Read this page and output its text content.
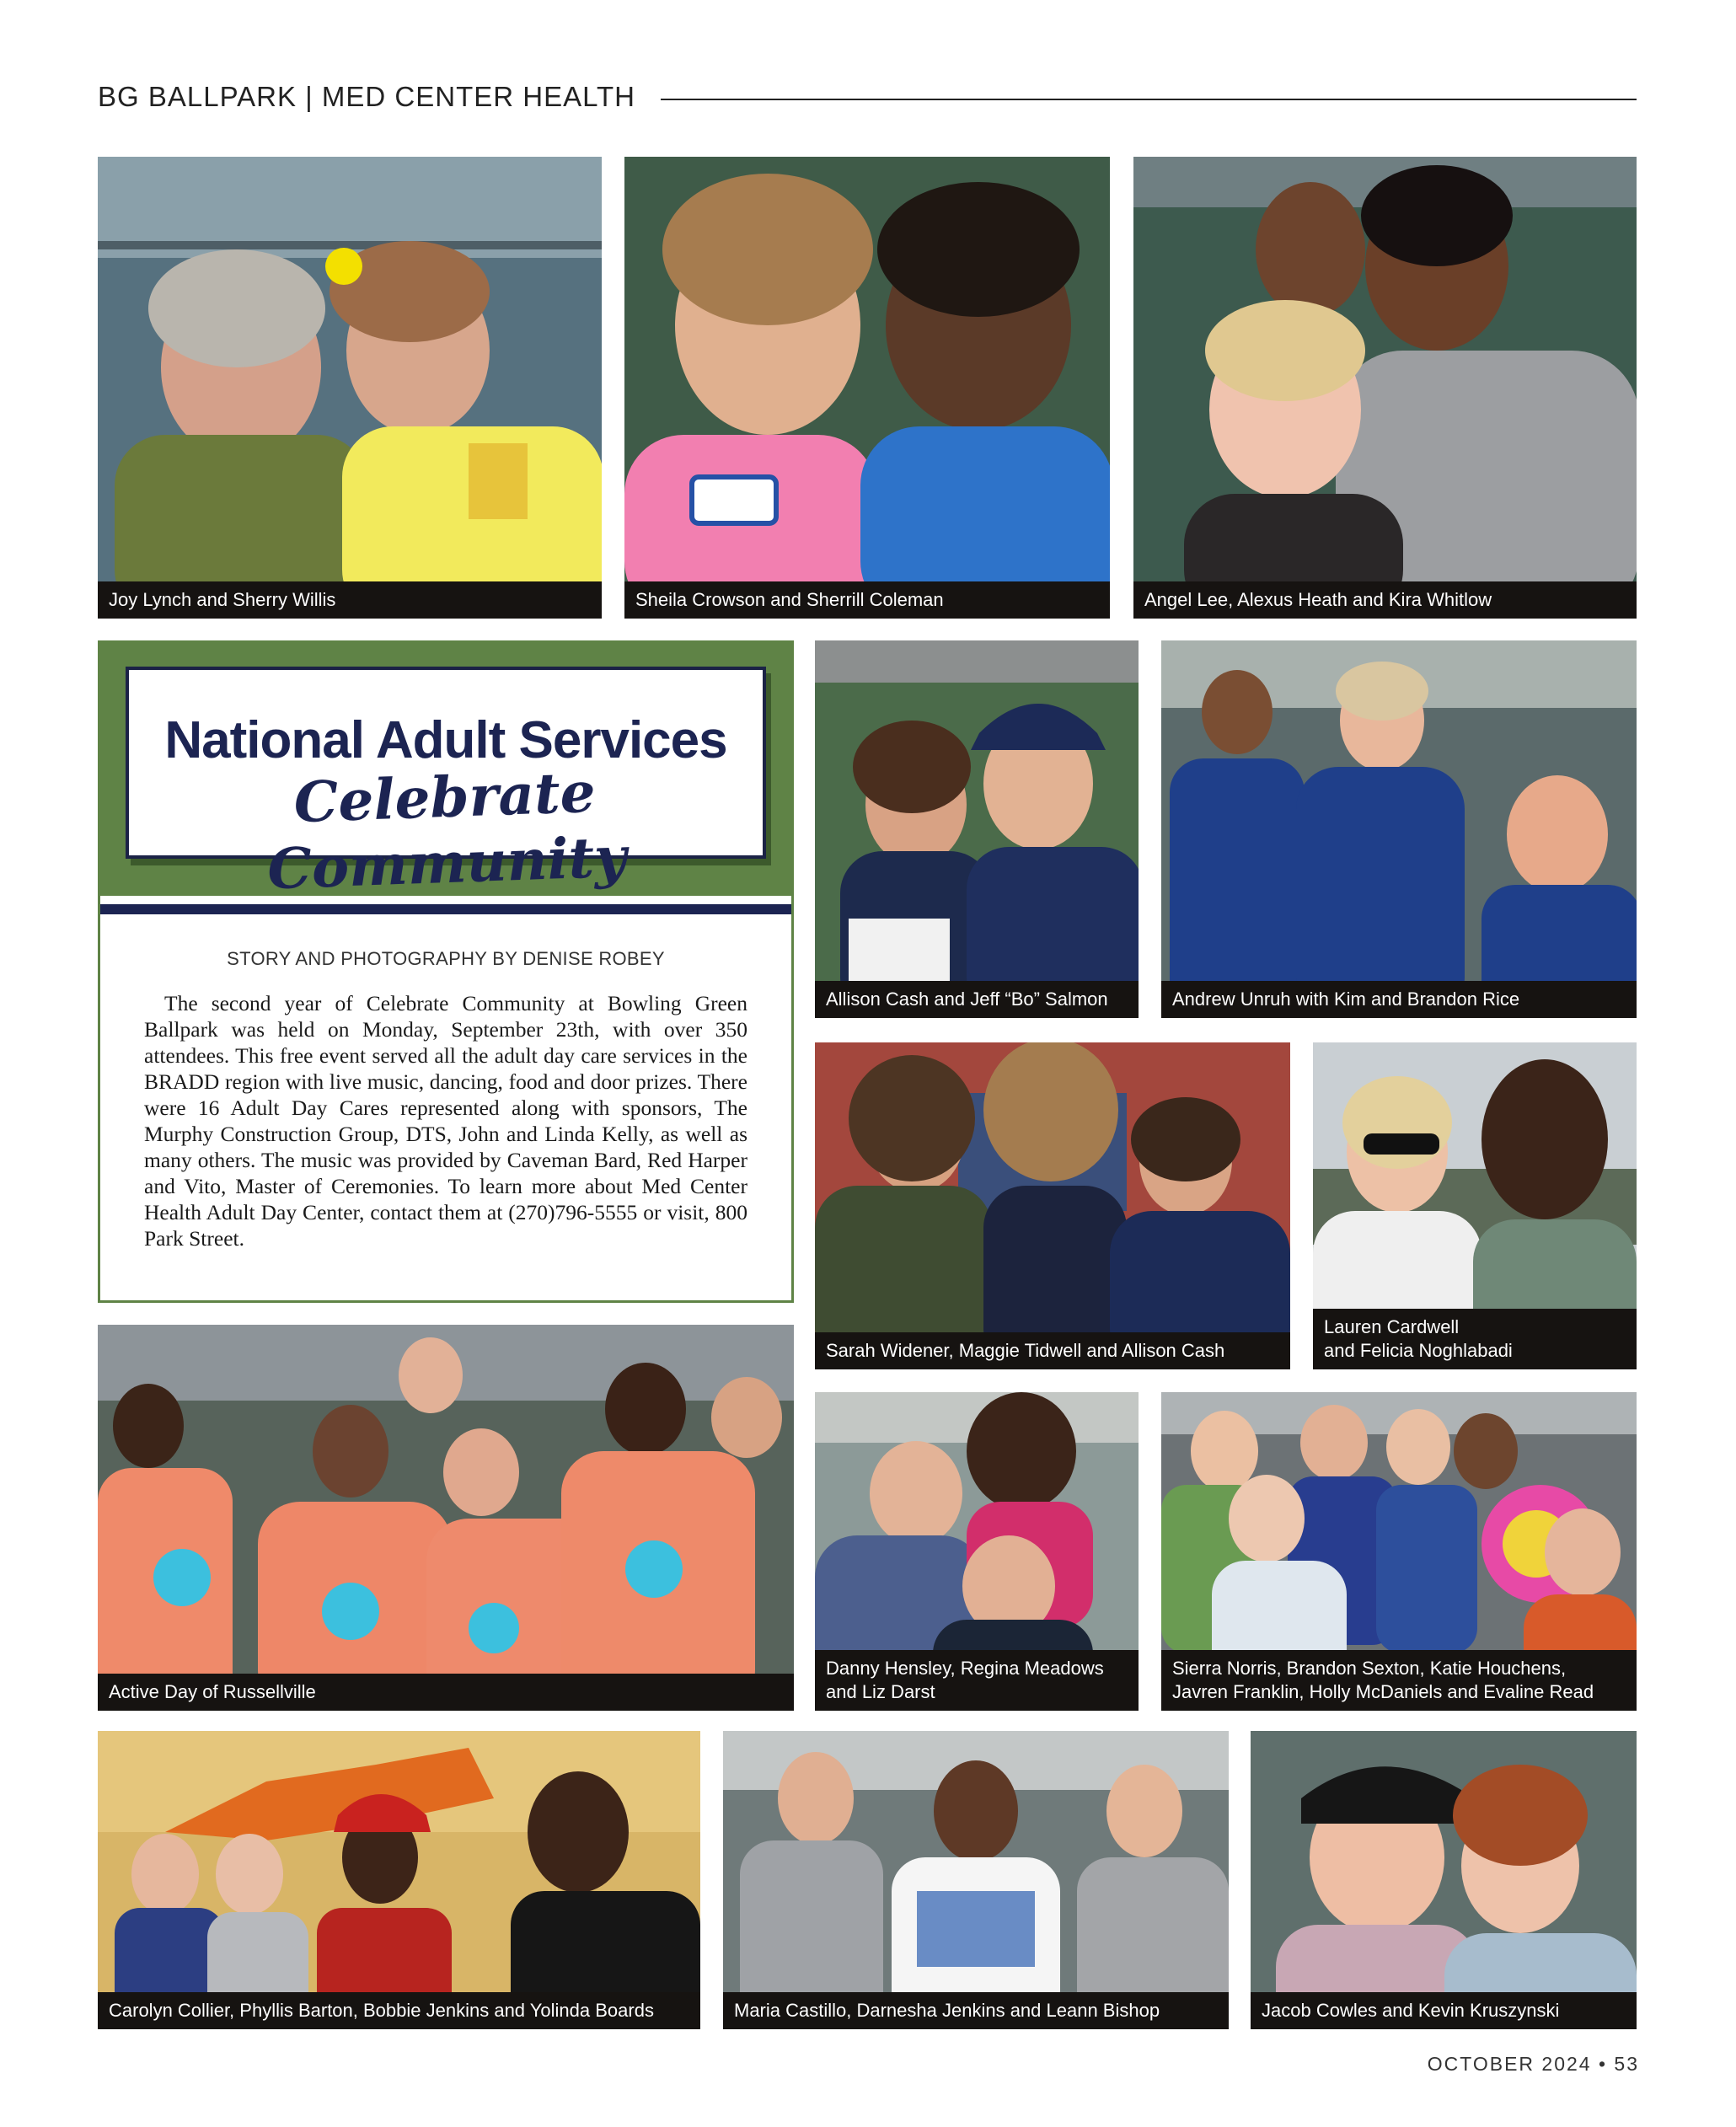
BG BALLPARK | MED CENTER HEALTH
Joy Lynch and Sherry Willis	Sheila Crowson and Sherrill Coleman	Angel Lee, Alexus Heath and Kira Whitlow
National Adult Services
Celebrate Community
STORY AND PHOTOGRAPHY BY DENISE ROBEY
The second year of Celebrate Community at Bowling Green Ballpark was held on Monday, September 23th, with over 350 attendees. This free event served all the adult day care services in the BRADD region with live music, dancing, food and door prizes. There were 16 Adult Day Cares represented along with sponsors, The Murphy Construction Group, DTS, John and Linda Kelly, as well as many others. The music was provided by Caveman Bard, Red Harper and Vito, Master of Ceremonies. To learn more about Med Center Health Adult Day Center, contact them at (270)796-5555 or visit, 800 Park Street.
Allison Cash and Jeff “Bo” Salmon	Andrew Unruh with Kim and Brandon Rice
Sarah Widener, Maggie Tidwell and Allison Cash
Lauren Cardwell
and Felicia Noghlabadi
Active Day of Russellville
Danny Hensley, Regina Meadows
and Liz Darst
Sierra Norris, Brandon Sexton, Katie Houchens,
Javren Franklin, Holly McDaniels and Evaline Read
Carolyn Collier, Phyllis Barton, Bobbie Jenkins and Yolinda Boards	Maria Castillo, Darnesha Jenkins and Leann Bishop	Jacob Cowles and Kevin Kruszynski
OCTOBER 2024 • 53
